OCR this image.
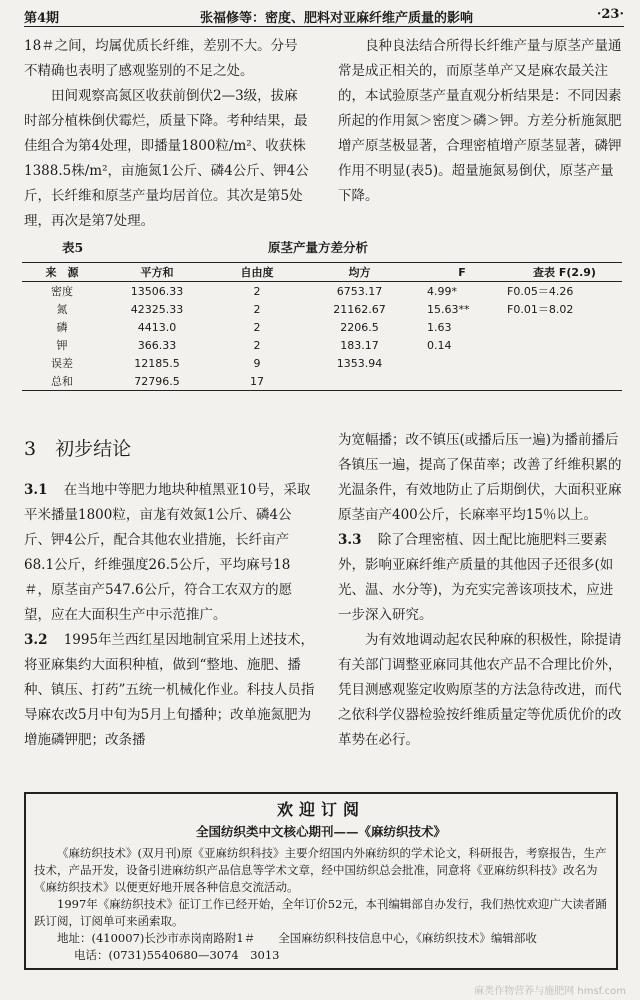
第4期	张福修等：密度、肥料对亚麻纤维产质量的影响	·23·

18＃之间，均属优质长纤维，差别不大。分号不精确也表明了感观鉴别的不足之处。

田间观察高氮区收获前倒伏2—3级，拔麻时部分植株倒伏霉烂，质量下降。考种结果，最佳组合为第4处理，即播量1800粒/m²、收获株1388.5株/m²，亩施氮1公斤、磷4公斤、钾4公斤，长纤维和原茎产量均居首位。其次是第5处理，再次是第7处理。

良种良法结合所得长纤维产量与原茎产量通常是成正相关的，而原茎单产又是麻农最关注的，本试验原茎产量直观分析结果是：不同因素所起的作用氮＞密度＞磷＞钾。方差分析施氮肥增产原茎极显著，合理密植增产原茎显著，磷钾作用不明显(表5)。超量施氮易倒伏，原茎产量下降。

表5	原茎产量方差分析
来　源	平方和	自由度	均方	F	查表 F(2.9)
密度	13506.33	2	6753.17	4.99*	F0.05＝4.26
氮	42325.33	2	21162.67	15.63**	F0.01＝8.02
磷	4413.0	2	2206.5	1.63	
钾	366.33	2	183.17	0.14	
误差	12185.5	9	1353.94		
总和	72796.5	17			
3　初步结论

3.1 在当地中等肥力地块种植黑亚10号，采取平米播量1800粒，亩尨有效氮1公斤、磷4公斤、钾4公斤，配合其他农业措施，长纤亩产68.1公斤，纤维强度26.5公斤，平均麻号18＃，原茎亩产547.6公斤，符合工农双方的愿望，应在大面积生产中示范推广。

3.2 1995年兰西红星因地制宜采用上述技术，将亚麻集约大面积种植，做到“整地、施肥、播种、镇压、打药”五统一机械化作业。科技人员指导麻农改5月中旬为5月上旬播种；改单施氮肥为增施磷钾肥；改条播

为宽幅播；改不镇压(或播后压一遍)为播前播后各镇压一遍，提高了保苗率；改善了纤维积累的光温条件，有效地防止了后期倒伏，大面积亚麻原茎亩产400公斤，长麻率平均15％以上。

3.3 除了合理密植、因土配比施肥料三要素外，影响亚麻纤维产质量的其他因子还很多(如光、温、水分等)，为充实完善该项技术，应进一步深入研究。

为有效地调动起农民种麻的积极性，除提请有关部门调整亚麻同其他农产品不合理比价外，凭目测感观鉴定收购原茎的方法急待改进，而代之依科学仪器检验按纤维质量定等优质优价的改革势在必行。

欢迎订阅
全国纺织类中文核心期刊——《麻纺织技术》

《麻纺织技术》(双月刊)原《亚麻纺织科技》主要介绍国内外麻纺织的学术论文，科研报告，考察报告，生产技术，产品开发，设备引进麻纺织产品信息等学术文章，经中国纺织总会批准，同意将《亚麻纺织科技》改名为《麻纺织技术》以便更好地开展各种信息交流活动。

1997年《麻纺织技术》征订工作已经开始，全年订价52元，本刊编辑部自办发行，我们热忱欢迎广大读者踊跃订阅，订阅单可来函索取。

地址：(410007)长沙市赤岗南路附1＃　　全国麻纺织科技信息中心，《麻纺织技术》编辑部收

电话：(0731)5540680—3074　3013

麻类作物营养与施肥网 hmsf.com
